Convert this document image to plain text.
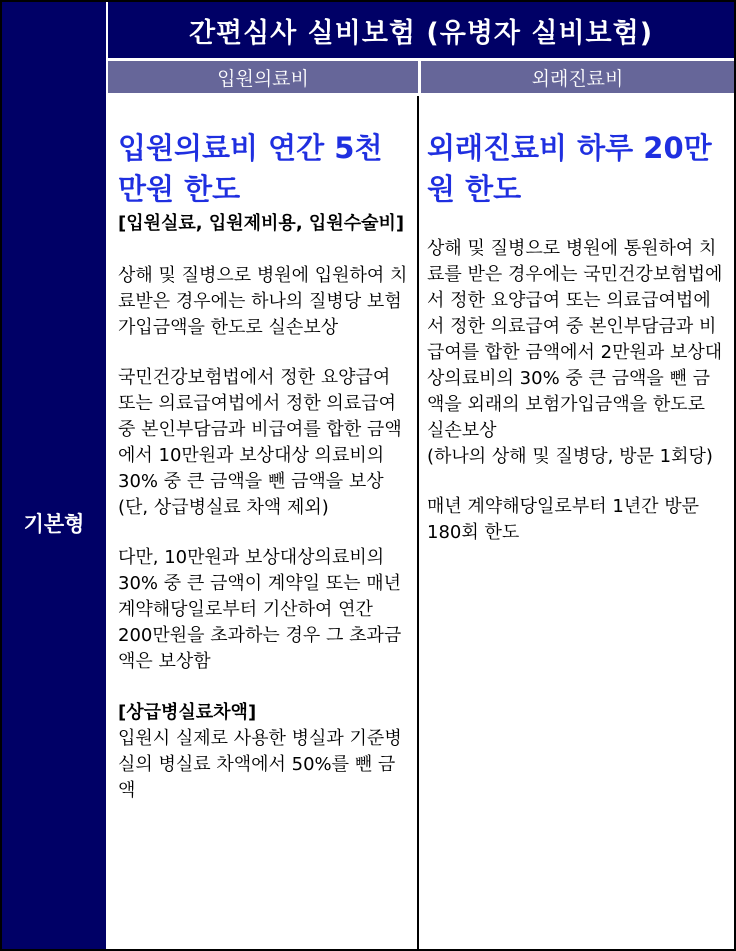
간편심사 실비보험 (유병자 실비보험)
입원의료비	외래진료비
기본형

입원의료비 연간 5천만원 한도

[입원실료, 입원제비용, 입원수술비]

상해 및 질병으로 병원에 입원하여 치료받은 경우에는 하나의 질병당 보험가입금액을 한도로 실손보상

국민건강보험법에서 정한 요양급여 또는 의료급여법에서 정한 의료급여 중 본인부담금과 비급여를 합한 금액에서 10만원과 보상대상 의료비의 30% 중 큰 금액을 뺀 금액을 보상 (단, 상급병실료 차액 제외)

다만, 10만원과 보상대상의료비의 30% 중 큰 금액이 계약일 또는 매년 계약해당일로부터 기산하여 연간 200만원을 초과하는 경우 그 초과금액은 보상함

[상급병실료차액]

입원시 실제로 사용한 병실과 기준병실의 병실료 차액에서 50%를 뺀 금액

외래진료비 하루 20만원 한도

상해 및 질병으로 병원에 통원하여 치료를 받은 경우에는 국민건강보험법에서 정한 요양급여 또는 의료급여법에서 정한 의료급여 중 본인부담금과 비급여를 합한 금액에서 2만원과 보상대상의료비의 30% 중 큰 금액을 뺀 금액을 외래의 보험가입금액을 한도로 실손보상

(하나의 상해 및 질병당, 방문 1회당)

매년 계약해당일로부터 1년간 방문 180회 한도
